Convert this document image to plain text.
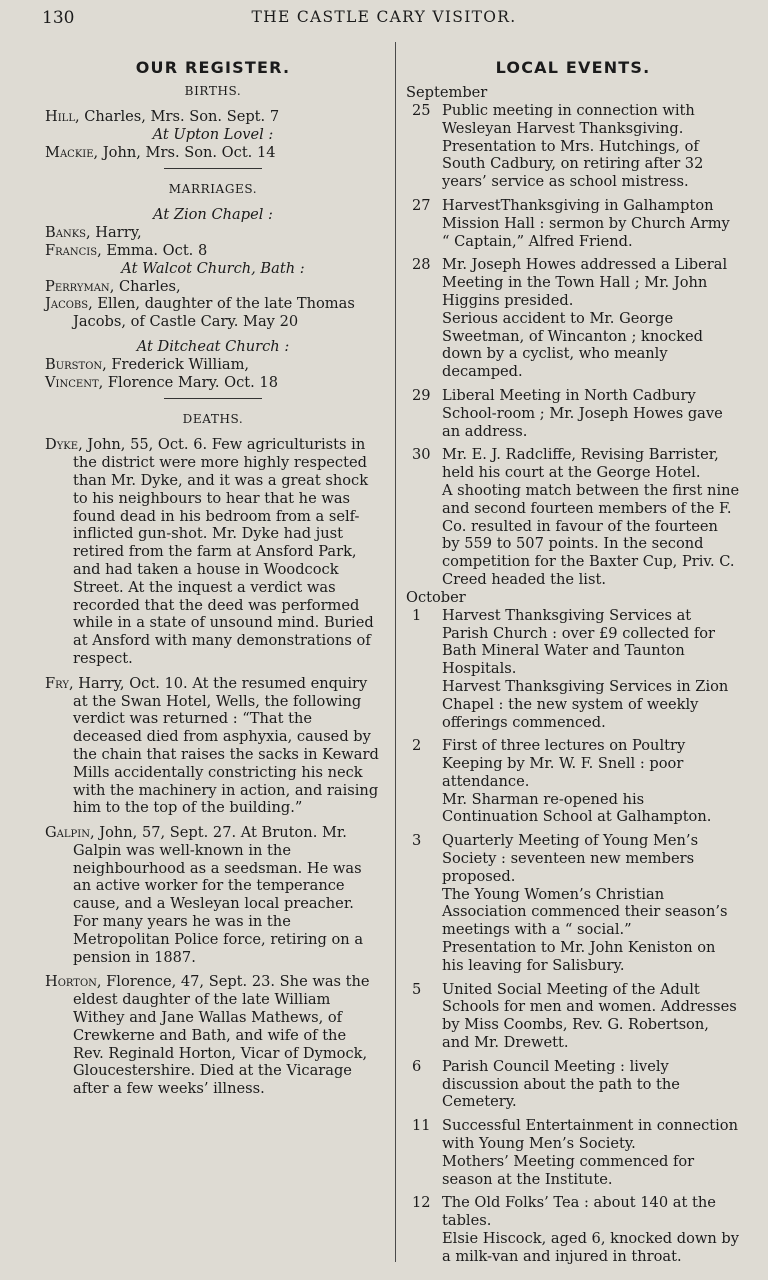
130	THE CASTLE CARY VISITOR.
OUR REGISTER.
BIRTHS.
Hill, Charles, Mrs. Son. Sept. 7
At Upton Lovel :
Mackie, John, Mrs. Son. Oct. 14
MARRIAGES.
At Zion Chapel :
Banks, Harry,
Francis, Emma. Oct. 8
At Walcot Church, Bath :
Perryman, Charles,
Jacobs, Ellen, daughter of the late Thomas Jacobs, of Castle Cary. May 20
At Ditcheat Church :
Burston, Frederick William,
Vincent, Florence Mary. Oct. 18
DEATHS.
Dyke, John, 55, Oct. 6. Few agriculturists in the district were more highly respected than Mr. Dyke, and it was a great shock to his neighbours to hear that he was found dead in his bedroom from a self-inflicted gun-shot. Mr. Dyke had just retired from the farm at Ansford Park, and had taken a house in Woodcock Street. At the inquest a verdict was recorded that the deed was performed while in a state of unsound mind. Buried at Ansford with many demonstrations of respect.
Fry, Harry, Oct. 10. At the resumed enquiry at the Swan Hotel, Wells, the following verdict was returned : “That the deceased died from asphyxia, caused by the chain that raises the sacks in Keward Mills accidentally constricting his neck with the machinery in action, and raising him to the top of the building.”
Galpin, John, 57, Sept. 27. At Bruton. Mr. Galpin was well-known in the neighbourhood as a seedsman. He was an active worker for the temperance cause, and a Wesleyan local preacher. For many years he was in the Metropolitan Police force, retiring on a pension in 1887.
Horton, Florence, 47, Sept. 23. She was the eldest daughter of the late William Withey and Jane Wallas Mathews, of Crewkerne and Bath, and wife of the Rev. Reginald Horton, Vicar of Dymock, Gloucestershire. Died at the Vicarage after a few weeks’ illness.
LOCAL EVENTS.
September
25 Public meeting in connection with Wesleyan Harvest Thanksgiving.

Presentation to Mrs. Hutchings, of South Cadbury, on retiring after 32 years’ service as school mistress.

27 HarvestThanksgiving in Galhampton Mission Hall : sermon by Church Army “ Captain,” Alfred Friend.

28 Mr. Joseph Howes addressed a Liberal Meeting in the Town Hall ; Mr. John Higgins presided.

Serious accident to Mr. George Sweetman, of Wincanton ; knocked down by a cyclist, who meanly decamped.

29 Liberal Meeting in North Cadbury School-room ; Mr. Joseph Howes gave an address.

30 Mr. E. J. Radcliffe, Revising Barrister, held his court at the George Hotel.

A shooting match between the first nine and second fourteen members of the F. Co. resulted in favour of the fourteen by 559 to 507 points. In the second competition for the Baxter Cup, Priv. C. Creed headed the list.

October
1	Harvest Thanksgiving Services at Parish Church : over £9 collected for Bath Mineral Water and Taunton Hospitals.

Harvest Thanksgiving Services in Zion Chapel : the new system of weekly offerings commenced.

2	First of three lectures on Poultry Keeping by Mr. W. F. Snell : poor attendance.

Mr. Sharman re-opened his Continuation School at Galhampton.

3	Quarterly Meeting of Young Men’s Society : seventeen new members proposed.

The Young Women’s Christian Association commenced their season’s meetings with a “ social.”

Presentation to Mr. John Keniston on his leaving for Salisbury.

5	United Social Meeting of the Adult Schools for men and women. Addresses by Miss Coombs, Rev. G. Robertson, and Mr. Drewett.

6	Parish Council Meeting : lively discussion about the path to the Cemetery.

11 Successful Entertainment in connection with Young Men’s Society.

Mothers’ Meeting commenced for season at the Institute.

12 The Old Folks’ Tea : about 140 at the tables.

Elsie Hiscock, aged 6, knocked down by a milk-van and injured in throat.
